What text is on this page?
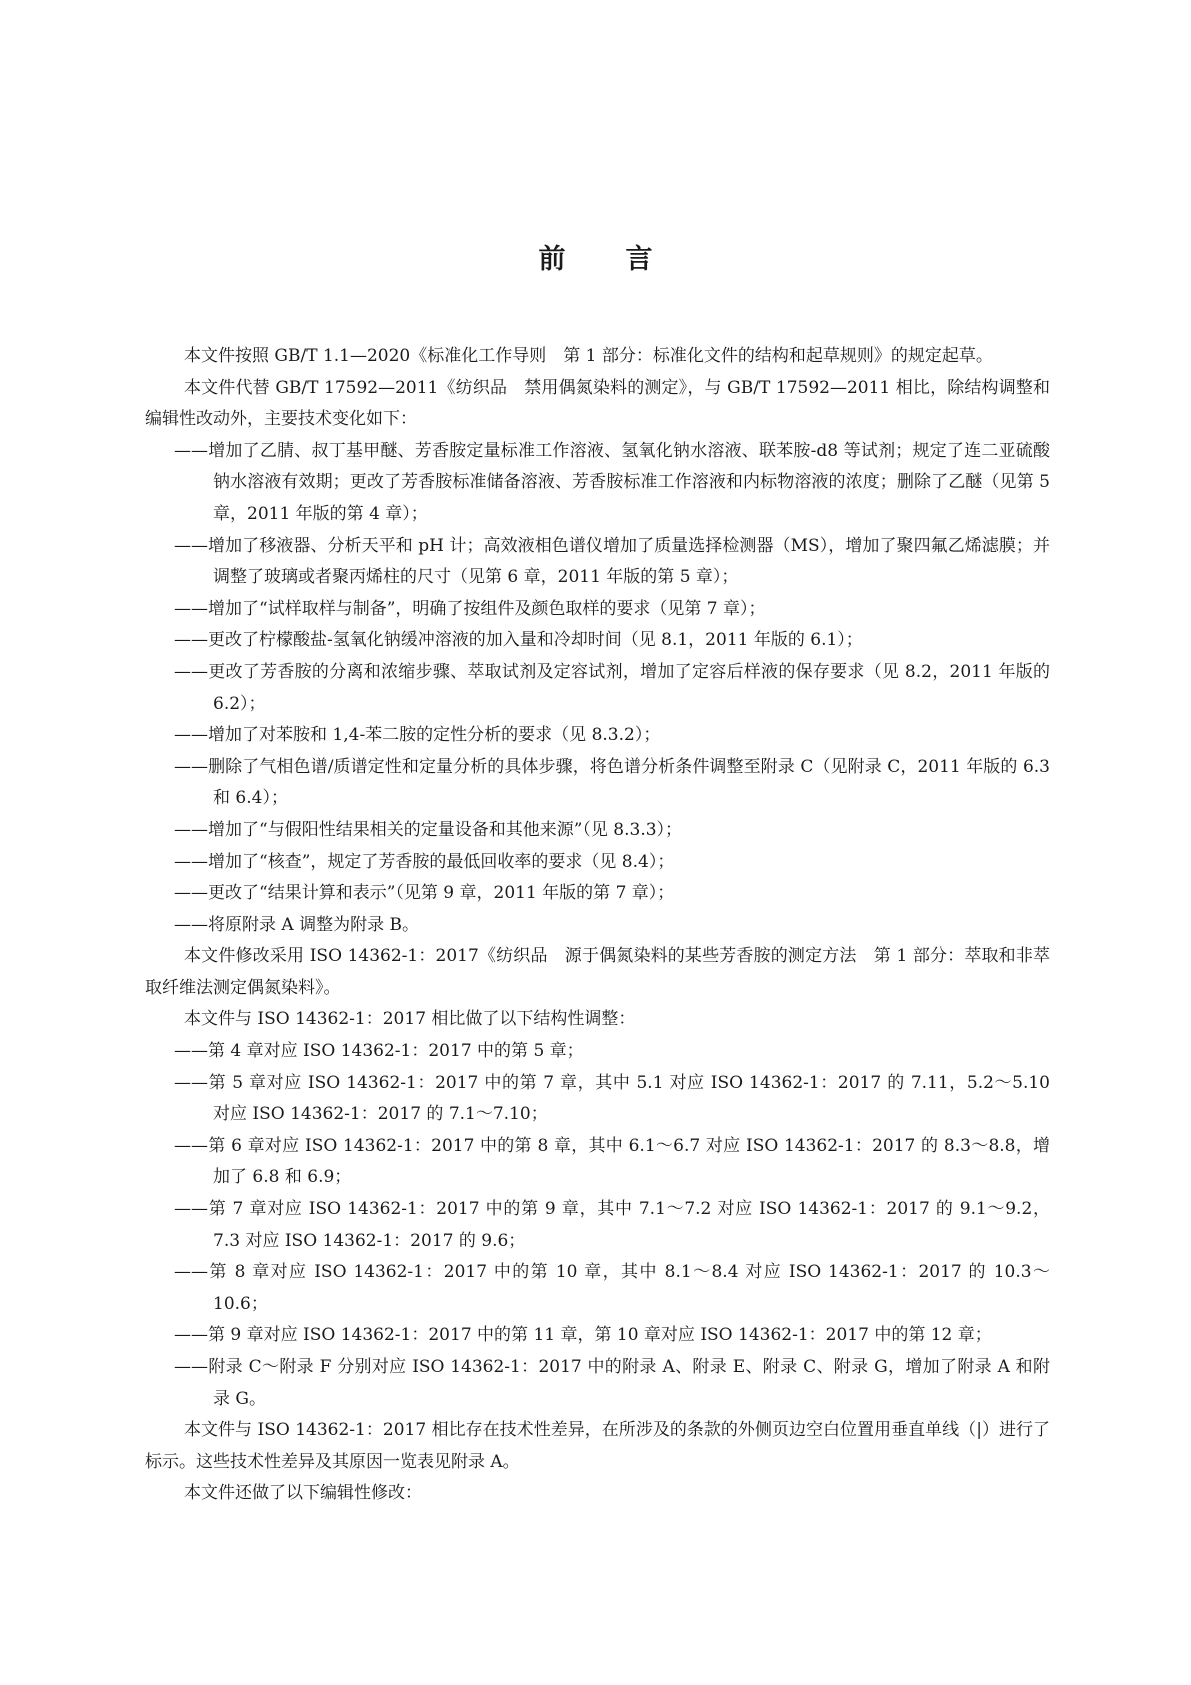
前言

本文件按照 GB/T 1.1—2020《标准化工作导则　第 1 部分：标准化文件的结构和起草规则》的规定起草。

本文件代替 GB/T 17592—2011《纺织品　禁用偶氮染料的测定》，与 GB/T 17592—2011 相比，除结构调整和编辑性改动外，主要技术变化如下：

——增加了乙腈、叔丁基甲醚、芳香胺定量标准工作溶液、氢氧化钠水溶液、联苯胺-d8 等试剂；规定了连二亚硫酸钠水溶液有效期；更改了芳香胺标准储备溶液、芳香胺标准工作溶液和内标物溶液的浓度；删除了乙醚（见第 5 章，2011 年版的第 4 章）；

——增加了移液器、分析天平和 pH 计；高效液相色谱仪增加了质量选择检测器（MS），增加了聚四氟乙烯滤膜；并调整了玻璃或者聚丙烯柱的尺寸（见第 6 章，2011 年版的第 5 章）；

——增加了“试样取样与制备”，明确了按组件及颜色取样的要求（见第 7 章）；

——更改了柠檬酸盐-氢氧化钠缓冲溶液的加入量和冷却时间（见 8.1，2011 年版的 6.1）；

——更改了芳香胺的分离和浓缩步骤、萃取试剂及定容试剂，增加了定容后样液的保存要求（见 8.2，2011 年版的 6.2）；

——增加了对苯胺和 1,4-苯二胺的定性分析的要求（见 8.3.2）；

——删除了气相色谱/质谱定性和定量分析的具体步骤，将色谱分析条件调整至附录 C（见附录 C，2011 年版的 6.3 和 6.4）；

——增加了“与假阳性结果相关的定量设备和其他来源”（见 8.3.3）；

——增加了“核查”，规定了芳香胺的最低回收率的要求（见 8.4）；

——更改了“结果计算和表示”（见第 9 章，2011 年版的第 7 章）；

——将原附录 A 调整为附录 B。

本文件修改采用 ISO 14362-1：2017《纺织品　源于偶氮染料的某些芳香胺的测定方法　第 1 部分：萃取和非萃取纤维法测定偶氮染料》。

本文件与 ISO 14362-1：2017 相比做了以下结构性调整：

——第 4 章对应 ISO 14362-1：2017 中的第 5 章；

——第 5 章对应 ISO 14362-1：2017 中的第 7 章，其中 5.1 对应 ISO 14362-1：2017 的 7.11，5.2～5.10 对应 ISO 14362-1：2017 的 7.1～7.10；

——第 6 章对应 ISO 14362-1：2017 中的第 8 章，其中 6.1～6.7 对应 ISO 14362-1：2017 的 8.3～8.8，增加了 6.8 和 6.9；

——第 7 章对应 ISO 14362-1：2017 中的第 9 章，其中 7.1～7.2 对应 ISO 14362-1：2017 的 9.1～9.2，7.3 对应 ISO 14362-1：2017 的 9.6；

——第 8 章对应 ISO 14362-1：2017 中的第 10 章，其中 8.1～8.4 对应 ISO 14362-1：2017 的 10.3～10.6；

——第 9 章对应 ISO 14362-1：2017 中的第 11 章，第 10 章对应 ISO 14362-1：2017 中的第 12 章；

——附录 C～附录 F 分别对应 ISO 14362-1：2017 中的附录 A、附录 E、附录 C、附录 G，增加了附录 A 和附录 G。

本文件与 ISO 14362-1：2017 相比存在技术性差异，在所涉及的条款的外侧页边空白位置用垂直单线（|）进行了标示。这些技术性差异及其原因一览表见附录 A。

本文件还做了以下编辑性修改：
